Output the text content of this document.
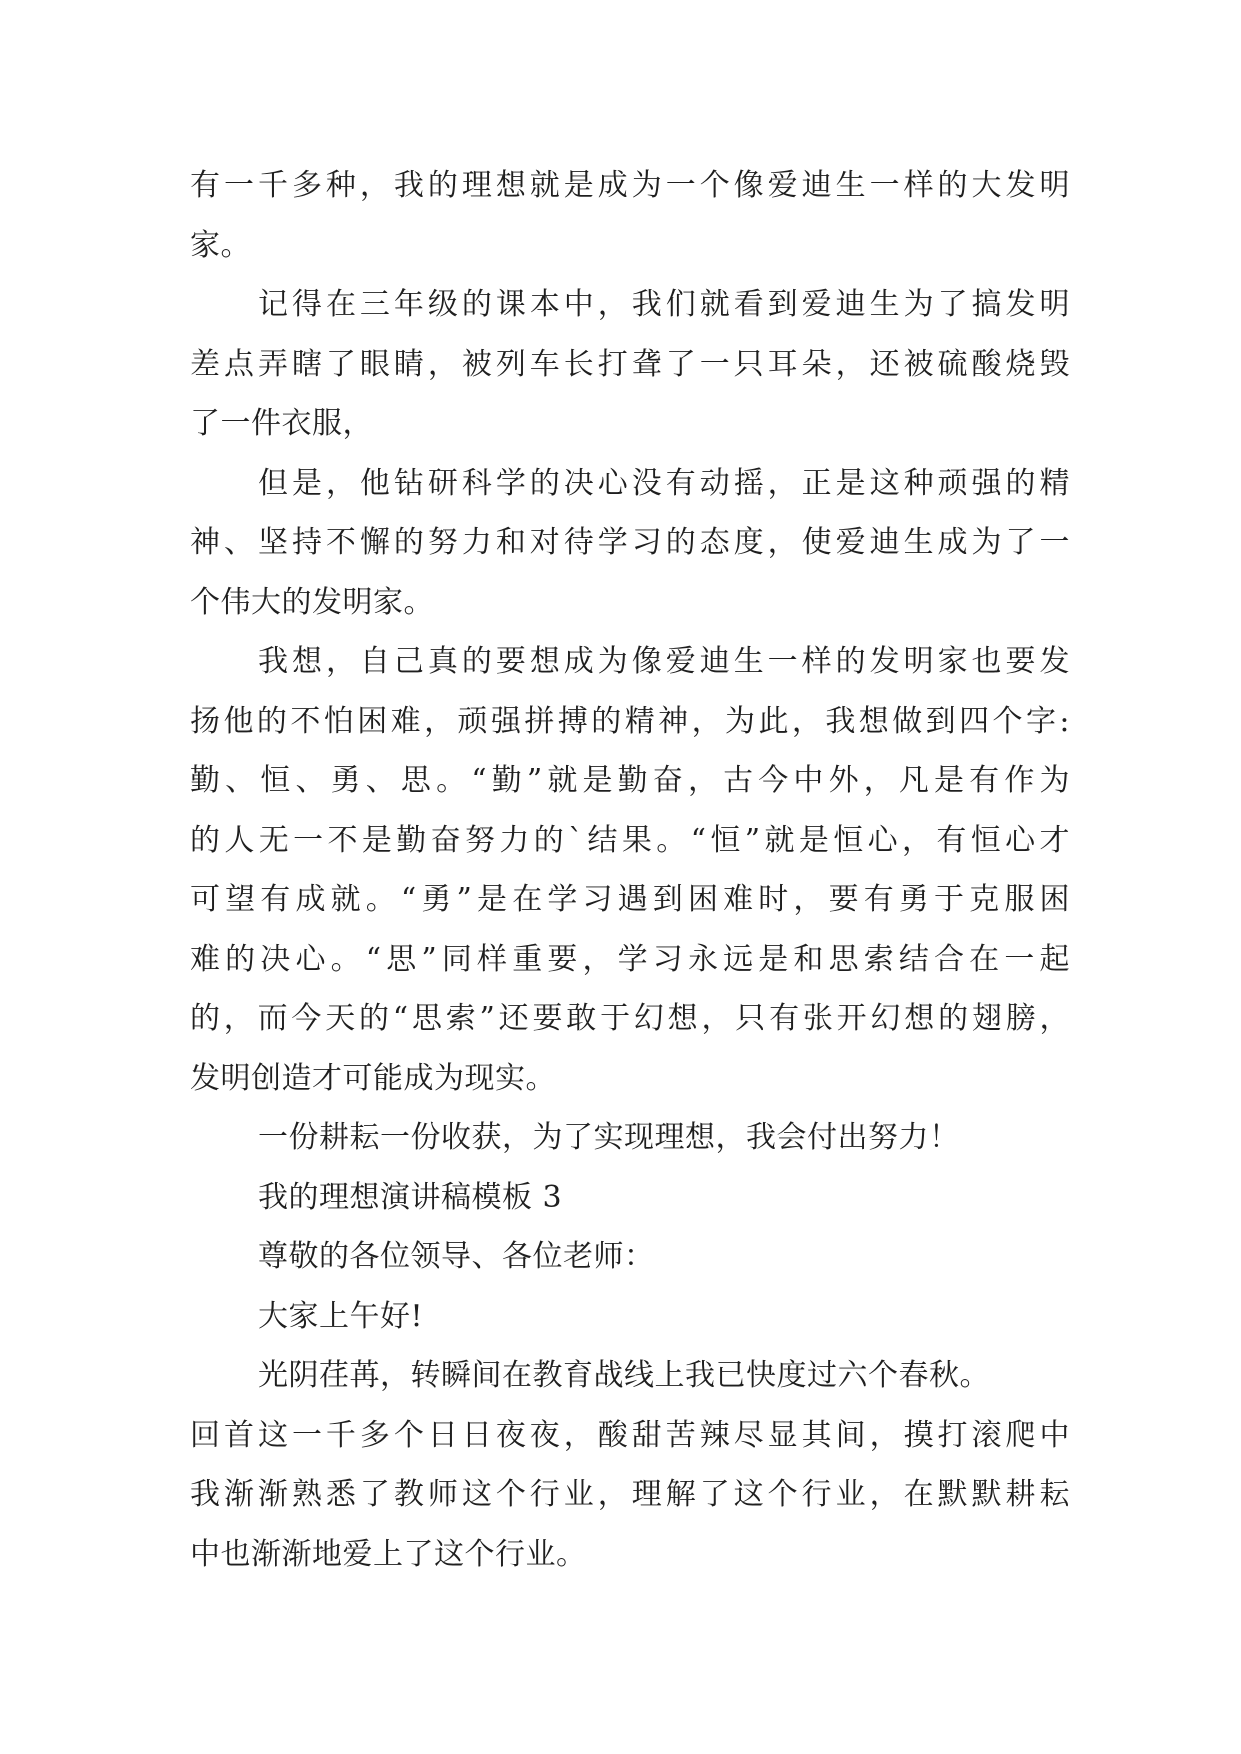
有一千多种，我的理想就是成为一个像爱迪生一样的大发明
家。
记得在三年级的课本中，我们就看到爱迪生为了搞发明
差点弄瞎了眼睛，被列车长打聋了一只耳朵，还被硫酸烧毁
了一件衣服，
但是，他钻研科学的决心没有动摇，正是这种顽强的精
神、坚持不懈的努力和对待学习的态度，使爱迪生成为了一
个伟大的发明家。
我想，自己真的要想成为像爱迪生一样的发明家也要发
扬他的不怕困难，顽强拼搏的精神，为此，我想做到四个字:
勤、恒、勇、思。“勤”就是勤奋，古今中外，凡是有作为
的人无一不是勤奋努力的`结果。“恒”就是恒心，有恒心才
可望有成就。“勇”是在学习遇到困难时，要有勇于克服困
难的决心。“思”同样重要，学习永远是和思索结合在一起
的，而今天的“思索”还要敢于幻想，只有张开幻想的翅膀，
发明创造才可能成为现实。
一份耕耘一份收获，为了实现理想，我会付出努力！
我的理想演讲稿模板 3
尊敬的各位领导、各位老师：
大家上午好!
光阴荏苒，转瞬间在教育战线上我已快度过六个春秋。
回首这一千多个日日夜夜，酸甜苦辣尽显其间，摸打滚爬中
我渐渐熟悉了教师这个行业，理解了这个行业，在默默耕耘
中也渐渐地爱上了这个行业。
